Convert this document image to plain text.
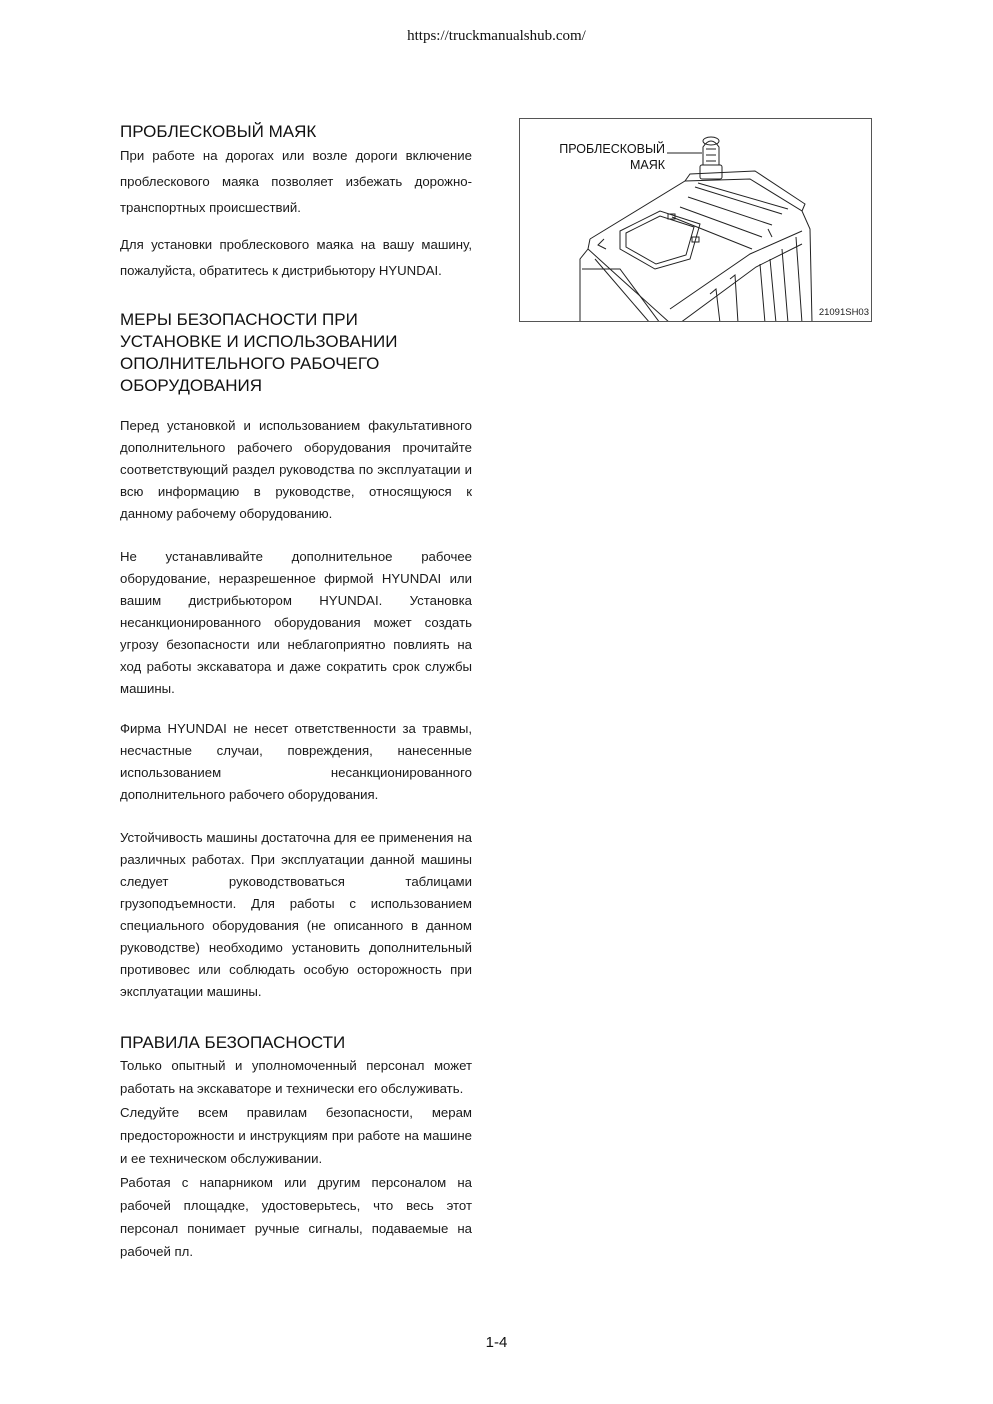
https://truckmanualshub.com/
ПРОБЛЕСКОВЫЙ МАЯК

При работе на дорогах или возле дороги включение проблескового маяка позволяет избежать дорожно-транспортных происшествий.

Для установки проблескового маяка на вашу машину, пожалуйста, обратитесь к дистрибьютору HYUNDAI.

МЕРЫ БЕЗОПАСНОСТИ ПРИ
УСТАНОВКЕ И ИСПОЛЬЗОВАНИИ
ОПОЛНИТЕЛЬНОГО РАБОЧЕГО
ОБОРУДОВАНИЯ

Перед установкой и использованием факультативного дополнительного рабочего оборудования прочитайте соответствующий раздел руководства по эксплуатации и всю информацию в руководстве, относящуюся к данному рабочему оборудованию.

Не устанавливайте дополнительное рабочее оборудование, неразрешенное фирмой HYUNDAI или вашим дистрибьютором HYUNDAI. Установка несанкционированного оборудования может создать угрозу безопасности или неблагоприятно повлиять на ход работы экскаватора и даже сократить срок службы машины.

Фирма HYUNDAI не несет ответственности за травмы, несчастные случаи, повреждения, нанесенные использованием несанкционированного дополнительного рабочего оборудования.

Устойчивость машины достаточна для ее применения на различных работах. При эксплуатации данной машины следует руководствоваться таблицами грузоподъемности. Для работы с использованием специального оборудования (не описанного в данном руководстве) необходимо установить дополнительный противовес или соблюдать особую осторожность при эксплуатации машины.

ПРАВИЛА БЕЗОПАСНОСТИ

Только опытный и уполномоченный персонал может работать на экскаваторе и технически его обслуживать.

Следуйте всем правилам безопасности, мерам предосторожности и инструкциям при работе на машине и ее техническом обслуживании.

Работая с напарником или другим персоналом на рабочей площадке, удостоверьтесь, что весь этот персонал понимает ручные сигналы, подаваемые на рабочей пл.

ПРОБЛЕСКОВЫЙ
МАЯК
21091SH03
1-4
